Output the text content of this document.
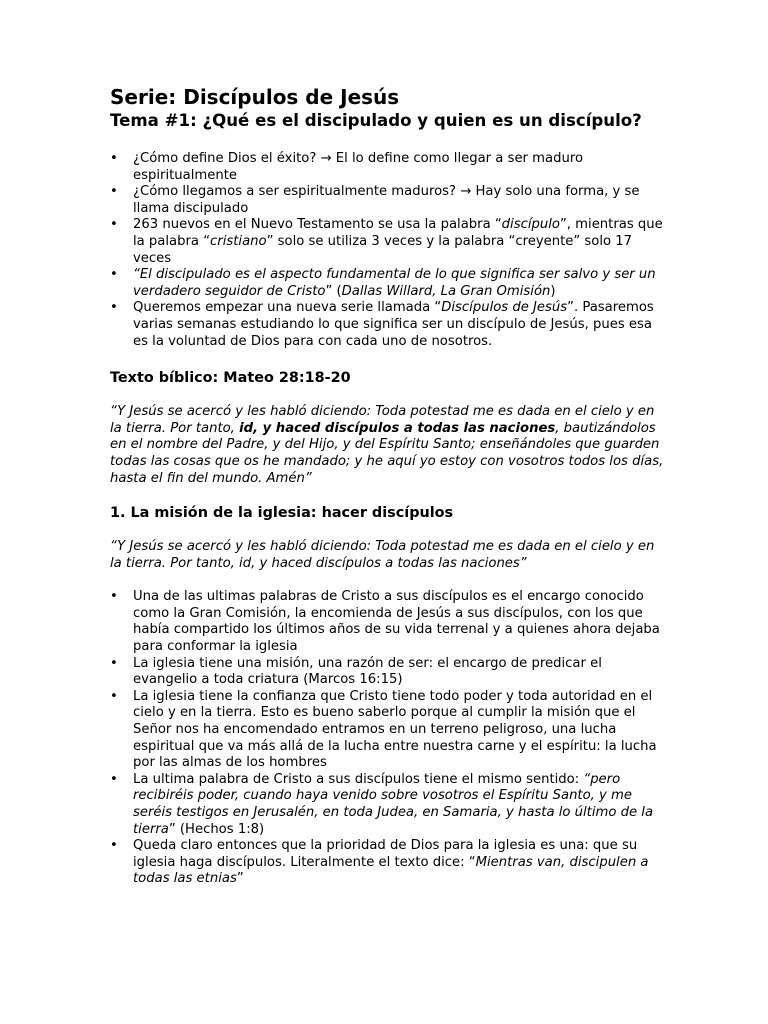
Serie: Discípulos de Jesús
Tema #1: ¿Qué es el discipulado y quien es un discípulo?
• ¿Cómo define Dios el éxito? → El lo define como llegar a ser maduro espiritualmente
• ¿Cómo llegamos a ser espiritualmente maduros? → Hay solo una forma, y se llama discipulado
• 263 nuevos en el Nuevo Testamento se usa la palabra “discípulo”, mientras que la palabra “cristiano” solo se utiliza 3 veces y la palabra “creyente” solo 17 veces
• “El discipulado es el aspecto fundamental de lo que significa ser salvo y ser un verdadero seguidor de Cristo” (Dallas Willard, La Gran Omisión)
• Queremos empezar una nueva serie llamada “Discípulos de Jesús”. Pasaremos varias semanas estudiando lo que significa ser un discípulo de Jesús, pues esa es la voluntad de Dios para con cada uno de nosotros.

Texto bíblico: Mateo 28:18-20

“Y Jesús se acercó y les habló diciendo: Toda potestad me es dada en el cielo y en la tierra. Por tanto, id, y haced discípulos a todas las naciones, bautizándolos en el nombre del Padre, y del Hijo, y del Espíritu Santo; enseñándoles que guarden todas las cosas que os he mandado; y he aquí yo estoy con vosotros todos los días, hasta el fin del mundo. Amén”

1. La misión de la iglesia: hacer discípulos

“Y Jesús se acercó y les habló diciendo: Toda potestad me es dada en el cielo y en la tierra. Por tanto, id, y haced discípulos a todas las naciones”

• Una de las ultimas palabras de Cristo a sus discípulos es el encargo conocido como la Gran Comisión, la encomienda de Jesús a sus discípulos, con los que había compartido los últimos años de su vida terrenal y a quienes ahora dejaba para conformar la iglesia
• La iglesia tiene una misión, una razón de ser: el encargo de predicar el evangelio a toda criatura (Marcos 16:15)
• La iglesia tiene la confianza que Cristo tiene todo poder y toda autoridad en el cielo y en la tierra. Esto es bueno saberlo porque al cumplir la misión que el Señor nos ha encomendado entramos en un terreno peligroso, una lucha espiritual que va más allá de la lucha entre nuestra carne y el espíritu: la lucha por las almas de los hombres
• La ultima palabra de Cristo a sus discípulos tiene el mismo sentido: “pero recibiréis poder, cuando haya venido sobre vosotros el Espíritu Santo, y me seréis testigos en Jerusalén, en toda Judea, en Samaria, y hasta lo último de la tierra” (Hechos 1:8)
• Queda claro entonces que la prioridad de Dios para la iglesia es una: que su iglesia haga discípulos. Literalmente el texto dice: “Mientras van, discipulen a todas las etnias”
